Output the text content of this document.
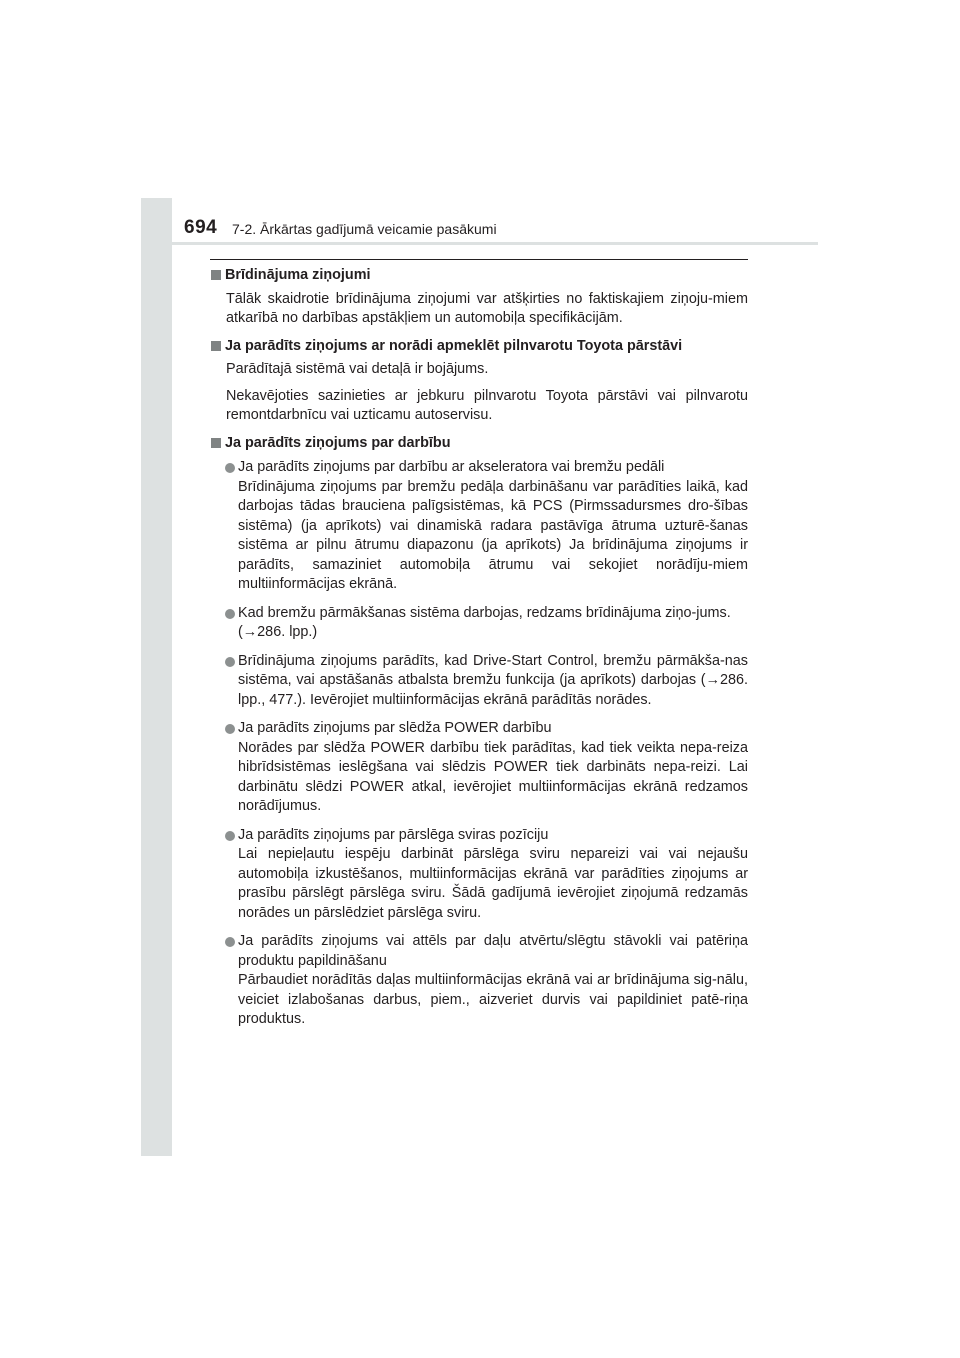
694 7-2. Ārkārtas gadījumā veicamie pasākumi

Brīdinājuma ziņojumi

Tālāk skaidrotie brīdinājuma ziņojumi var atšķirties no faktiskajiem ziņoju-miem atkarībā no darbības apstākļiem un automobiļa specifikācijām.

Ja parādīts ziņojums ar norādi apmeklēt pilnvarotu Toyota pārstāvi

Parādītajā sistēmā vai detaļā ir bojājums.

Nekavējoties sazinieties ar jebkuru pilnvarotu Toyota pārstāvi vai pilnvarotu remontdarbnīcu vai uzticamu autoservisu.

Ja parādīts ziņojums par darbību

Ja parādīts ziņojums par darbību ar akseleratora vai bremžu pedāli
Brīdinājuma ziņojums par bremžu pedāļa darbināšanu var parādīties laikā, kad darbojas tādas brauciena palīgsistēmas, kā PCS (Pirmssadursmes dro-šības sistēma) (ja aprīkots) vai dinamiskā radara pastāvīga ātruma uzturē-šanas sistēma ar pilnu ātrumu diapazonu (ja aprīkots) Ja brīdinājuma ziņojums ir parādīts, samaziniet automobiļa ātrumu vai sekojiet norādīju-miem multiinformācijas ekrānā.
Kad bremžu pārmākšanas sistēma darbojas, redzams brīdinājuma ziņo-jums.
(→286. lpp.)
Brīdinājuma ziņojums parādīts, kad Drive-Start Control, bremžu pārmākša-nas sistēma, vai apstāšanās atbalsta bremžu funkcija (ja aprīkots) darbojas (→286. lpp., 477.). Ievērojiet multiinformācijas ekrānā parādītās norādes.
Ja parādīts ziņojums par slēdža POWER darbību
Norādes par slēdža POWER darbību tiek parādītas, kad tiek veikta nepa-reiza hibrīdsistēmas ieslēgšana vai slēdzis POWER tiek darbināts nepa-reizi. Lai darbinātu slēdzi POWER atkal, ievērojiet multiinformācijas ekrānā redzamos norādījumus.
Ja parādīts ziņojums par pārslēga sviras pozīciju
Lai nepieļautu iespēju darbināt pārslēga sviru nepareizi vai vai nejaušu automobiļa izkustēšanos, multiinformācijas ekrānā var parādīties ziņojums ar prasību pārslēgt pārslēga sviru. Šādā gadījumā ievērojiet ziņojumā redzamās norādes un pārslēdziet pārslēga sviru.
Ja parādīts ziņojums vai attēls par daļu atvērtu/slēgtu stāvokli vai patēriņa produktu papildināšanu
Pārbaudiet norādītās daļas multiinformācijas ekrānā vai ar brīdinājuma sig-nālu, veiciet izlabošanas darbus, piem., aizveriet durvis vai papildiniet patē-riņa produktus.
